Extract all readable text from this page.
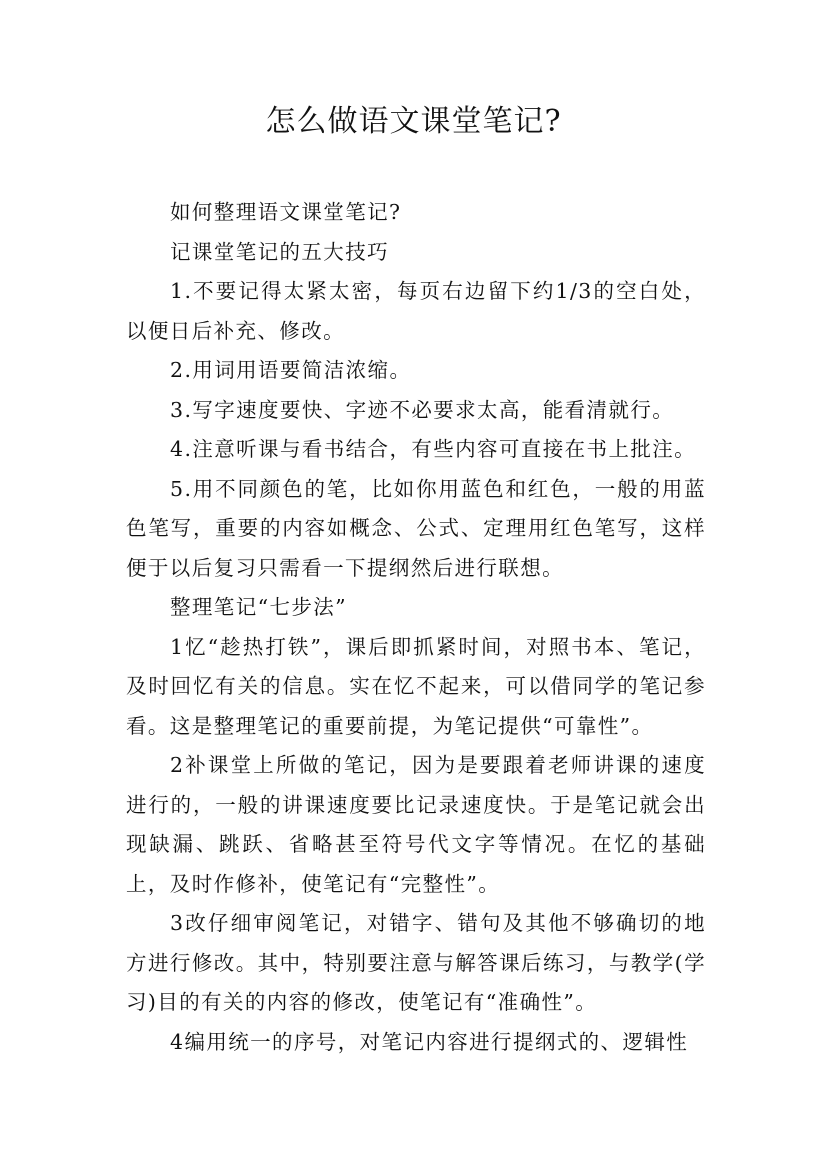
怎么做语文课堂笔记?

如何整理语文课堂笔记?

记课堂笔记的五大技巧

1.不要记得太紧太密，每页右边留下约1/3的空白处，以便日后补充、修改。

2.用词用语要简洁浓缩。

3.写字速度要快、字迹不必要求太高，能看清就行。

4.注意听课与看书结合，有些内容可直接在书上批注。

5.用不同颜色的笔，比如你用蓝色和红色，一般的用蓝色笔写，重要的内容如概念、公式、定理用红色笔写，这样便于以后复习只需看一下提纲然后进行联想。

整理笔记“七步法”

1忆“趁热打铁”，课后即抓紧时间，对照书本、笔记，及时回忆有关的信息。实在忆不起来，可以借同学的笔记参看。这是整理笔记的重要前提，为笔记提供“可靠性”。

2补课堂上所做的笔记，因为是要跟着老师讲课的速度进行的，一般的讲课速度要比记录速度快。于是笔记就会出现缺漏、跳跃、省略甚至符号代文字等情况。在忆的基础上，及时作修补，使笔记有“完整性”。

3改仔细审阅笔记，对错字、错句及其他不够确切的地方进行修改。其中，特别要注意与解答课后练习，与教学(学习)目的有关的内容的修改，使笔记有“准确性”。

4编用统一的序号，对笔记内容进行提纲式的、逻辑性
